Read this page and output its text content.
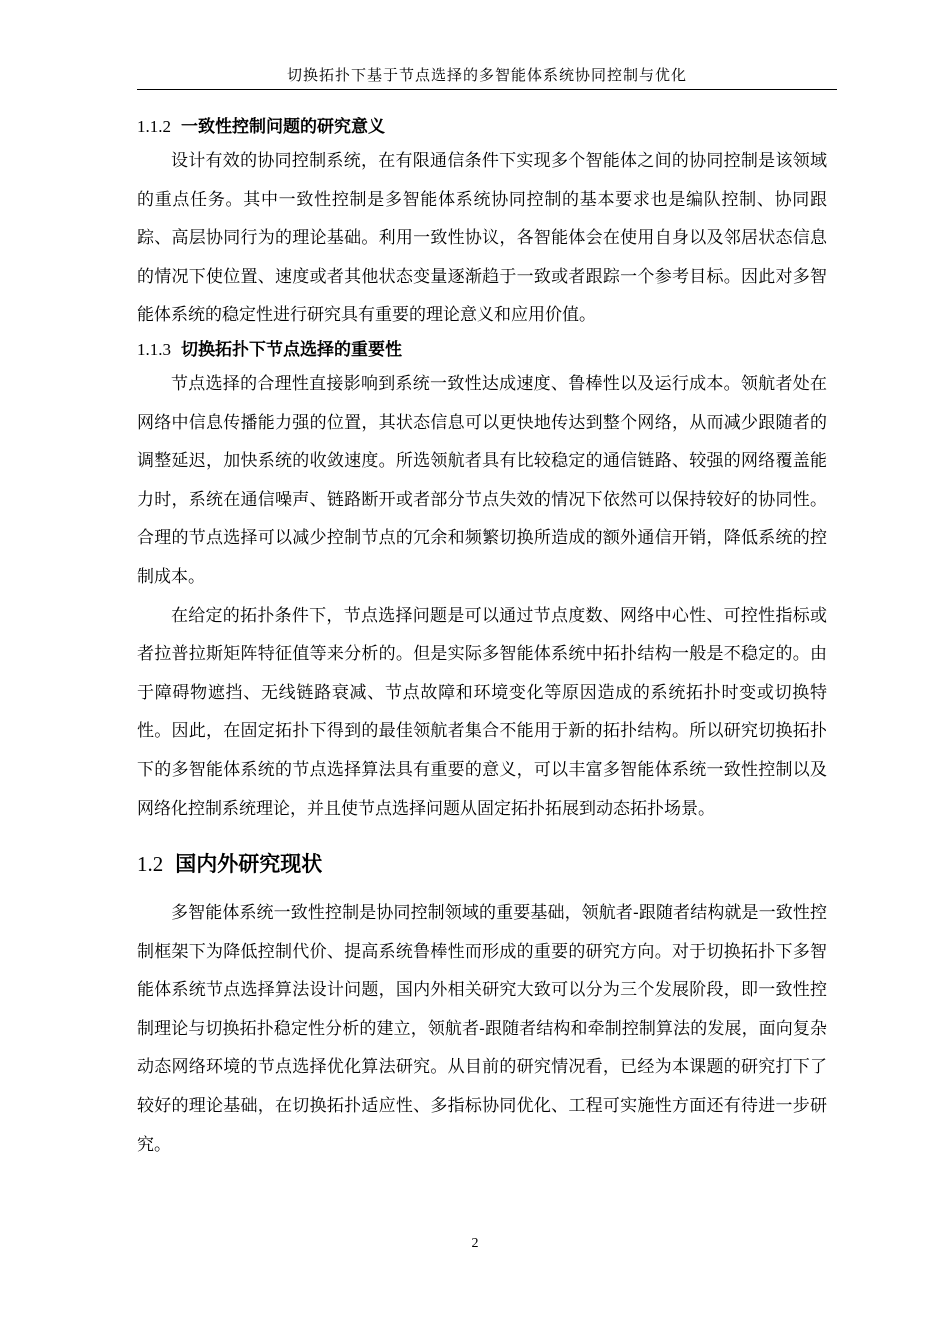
切换拓扑下基于节点选择的多智能体系统协同控制与优化
1.1.2 一致性控制问题的研究意义

设计有效的协同控制系统，在有限通信条件下实现多个智能体之间的协同控制是该领域的重点任务。其中一致性控制是多智能体系统协同控制的基本要求也是编队控制、协同跟踪、高层协同行为的理论基础。利用一致性协议，各智能体会在使用自身以及邻居状态信息的情况下使位置、速度或者其他状态变量逐渐趋于一致或者跟踪一个参考目标。因此对多智能体系统的稳定性进行研究具有重要的理论意义和应用价值。

1.1.3 切换拓扑下节点选择的重要性

节点选择的合理性直接影响到系统一致性达成速度、鲁棒性以及运行成本。领航者处在网络中信息传播能力强的位置，其状态信息可以更快地传达到整个网络，从而减少跟随者的调整延迟，加快系统的收敛速度。所选领航者具有比较稳定的通信链路、较强的网络覆盖能力时，系统在通信噪声、链路断开或者部分节点失效的情况下依然可以保持较好的协同性。合理的节点选择可以减少控制节点的冗余和频繁切换所造成的额外通信开销，降低系统的控制成本。

在给定的拓扑条件下，节点选择问题是可以通过节点度数、网络中心性、可控性指标或者拉普拉斯矩阵特征值等来分析的。但是实际多智能体系统中拓扑结构一般是不稳定的。由于障碍物遮挡、无线链路衰减、节点故障和环境变化等原因造成的系统拓扑时变或切换特性。因此，在固定拓扑下得到的最佳领航者集合不能用于新的拓扑结构。所以研究切换拓扑下的多智能体系统的节点选择算法具有重要的意义，可以丰富多智能体系统一致性控制以及网络化控制系统理论，并且使节点选择问题从固定拓扑拓展到动态拓扑场景。

1.2 国内外研究现状

多智能体系统一致性控制是协同控制领域的重要基础，领航者-跟随者结构就是一致性控制框架下为降低控制代价、提高系统鲁棒性而形成的重要的研究方向。对于切换拓扑下多智能体系统节点选择算法设计问题，国内外相关研究大致可以分为三个发展阶段，即一致性控制理论与切换拓扑稳定性分析的建立，领航者-跟随者结构和牵制控制算法的发展，面向复杂动态网络环境的节点选择优化算法研究。从目前的研究情况看，已经为本课题的研究打下了较好的理论基础，在切换拓扑适应性、多指标协同优化、工程可实施性方面还有待进一步研究。

2
